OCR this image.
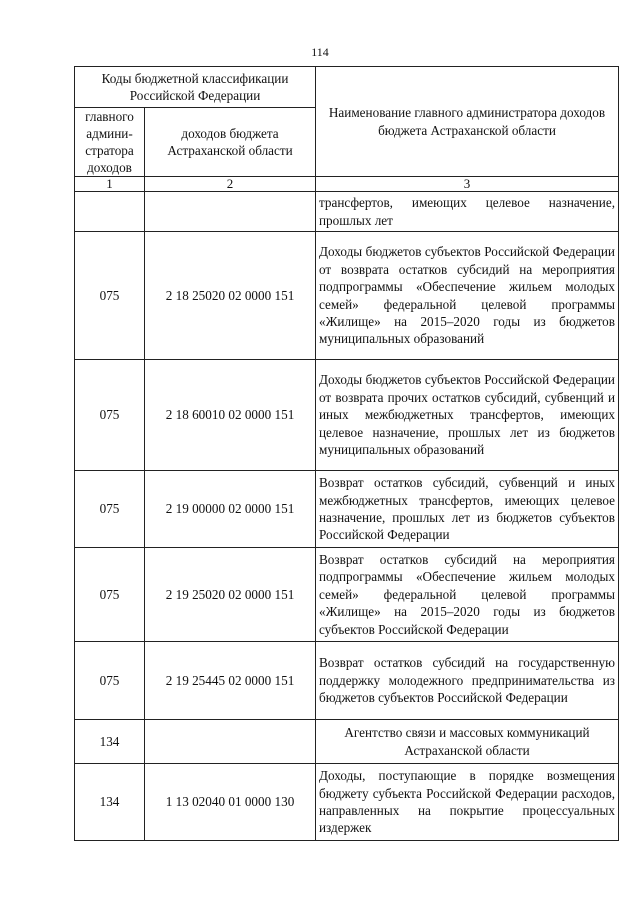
114
Коды бюджетной классификации Российской Федерации		Наименование главного администратора доходов бюджета Астраханской области
главного админи-стратора доходов	доходов бюджета Астраханской области	
1	2	3
		трансфертов, имеющих целевое назначение, прошлых лет
075	2 18 25020 02 0000 151	Доходы бюджетов субъектов Российской Федерации от возврата остатков субсидий на мероприятия подпрограммы «Обеспечение жильем молодых семей» федеральной целевой программы «Жилище» на 2015–2020 годы из бюджетов муниципальных образований
075	2 18 60010 02 0000 151	Доходы бюджетов субъектов Российской Федерации от возврата прочих остатков субсидий, субвенций и иных межбюджетных трансфертов, имеющих целевое назначение, прошлых лет из бюджетов муниципальных образований
075	2 19 00000 02 0000 151	Возврат остатков субсидий, субвенций и иных межбюджетных трансфертов, имеющих целевое назначение, прошлых лет из бюджетов субъектов Российской Федерации
075	2 19 25020 02 0000 151	Возврат остатков субсидий на мероприятия подпрограммы «Обеспечение жильем молодых семей» федеральной целевой программы «Жилище» на 2015–2020 годы из бюджетов субъектов Российской Федерации
075	2 19 25445 02 0000 151	Возврат остатков субсидий на государственную поддержку молодежного предпринимательства из бюджетов субъектов Российской Федерации
134		Агентство связи и массовых коммуникаций Астраханской области
134	1 13 02040 01 0000 130	Доходы, поступающие в порядке возмещения бюджету субъекта Российской Федерации расходов, направленных на покрытие процессуальных издержек
